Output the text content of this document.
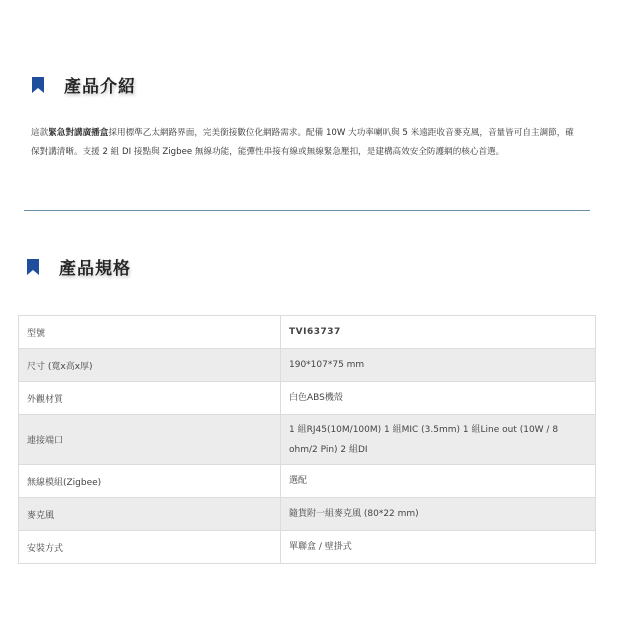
產品介紹
這款緊急對講廣播盒採用標準乙太網路界面，完美銜接數位化網路需求。配備 10W 大功率喇叭與 5 米遠距收音麥克風，音量皆可自主調節，確保對講清晰。支援 2 組 DI 接點與 Zigbee 無線功能，能彈性串接有線或無線緊急壓扣，是建構高效安全防護網的核心首選。
產品規格
型號	TVI63737
尺寸 (寬x高x厚)	190*107*75 mm
外觀材質	白色ABS機殼
連接端口	1 組RJ45(10M/100M) 1 組MIC (3.5mm) 1 組Line out (10W / 8 ohm/2 Pin) 2 組DI
無線模組(Zigbee)	選配
麥克風	隨貨附一組麥克風 (80*22 mm)
安裝方式	單聯盒 / 壁掛式
